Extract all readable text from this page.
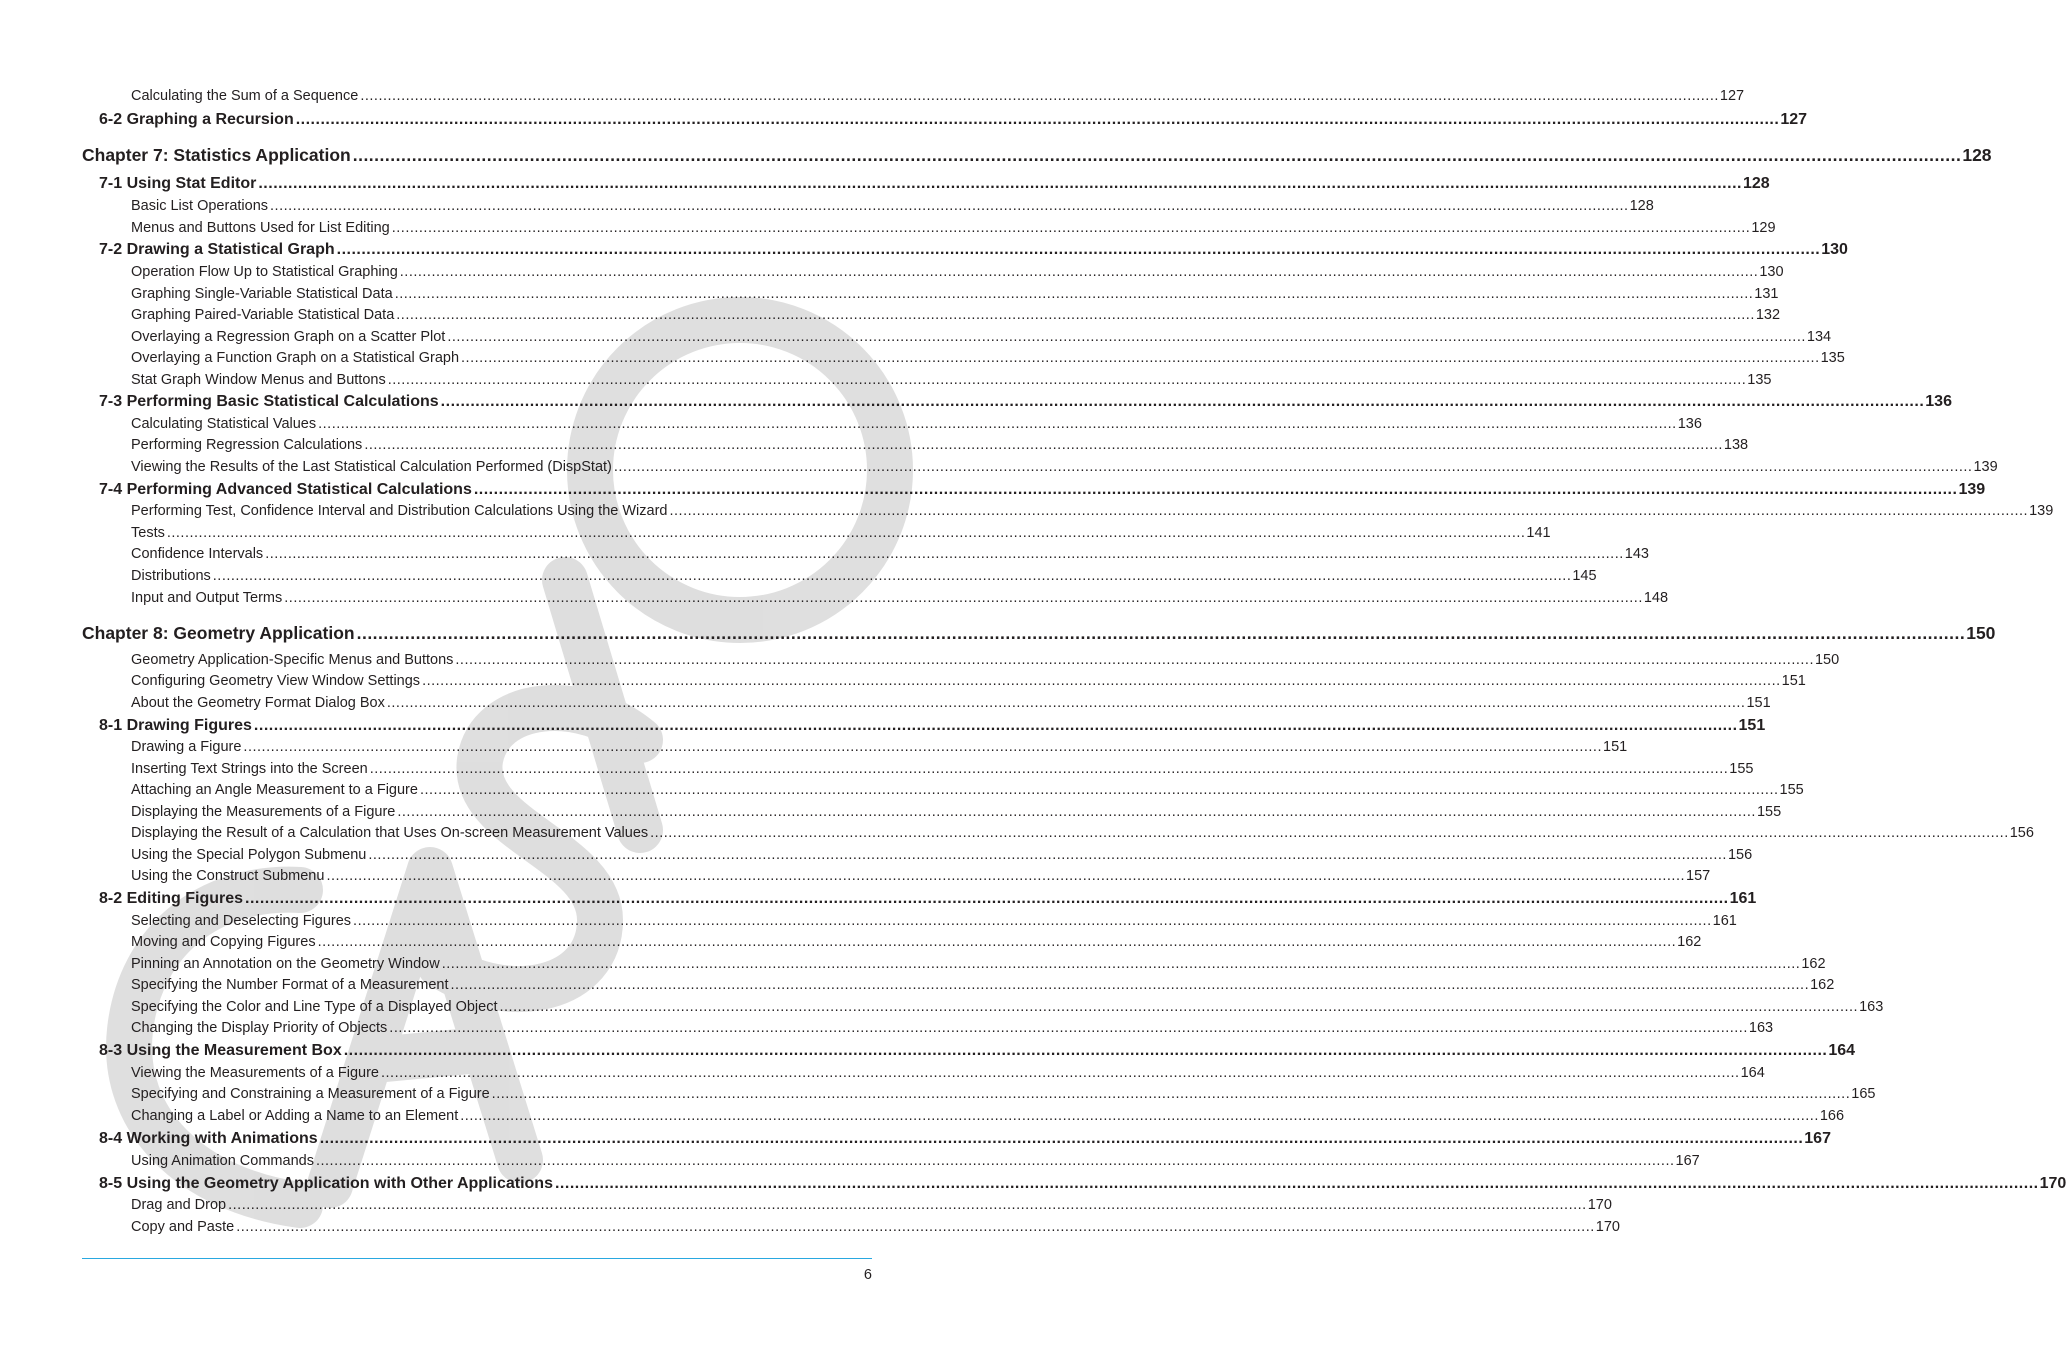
Calculating the Sum of a Sequence ............................................................................................................................................................................................................................................................................................................ 127
6-2 Graphing a Recursion ............................................................................................................................................................................................................................................................................................................ 127
Chapter 7: Statistics Application ............................................................................................................................................................................................................................................................................................................ 128
7-1 Using Stat Editor ............................................................................................................................................................................................................................................................................................................ 128
Basic List Operations ............................................................................................................................................................................................................................................................................................................ 128
Menus and Buttons Used for List Editing ............................................................................................................................................................................................................................................................................................................ 129
7-2 Drawing a Statistical Graph ............................................................................................................................................................................................................................................................................................................ 130
Operation Flow Up to Statistical Graphing ............................................................................................................................................................................................................................................................................................................ 130
Graphing Single-Variable Statistical Data ............................................................................................................................................................................................................................................................................................................ 131
Graphing Paired-Variable Statistical Data ............................................................................................................................................................................................................................................................................................................ 132
Overlaying a Regression Graph on a Scatter Plot ............................................................................................................................................................................................................................................................................................................ 134
Overlaying a Function Graph on a Statistical Graph ............................................................................................................................................................................................................................................................................................................ 135
Stat Graph Window Menus and Buttons ............................................................................................................................................................................................................................................................................................................ 135
7-3 Performing Basic Statistical Calculations ............................................................................................................................................................................................................................................................................................................ 136
Calculating Statistical Values ............................................................................................................................................................................................................................................................................................................ 136
Performing Regression Calculations ............................................................................................................................................................................................................................................................................................................ 138
Viewing the Results of the Last Statistical Calculation Performed (DispStat) ............................................................................................................................................................................................................................................................................................................ 139
7-4 Performing Advanced Statistical Calculations ............................................................................................................................................................................................................................................................................................................ 139
Performing Test, Confidence Interval and Distribution Calculations Using the Wizard ............................................................................................................................................................................................................................................................................................................ 139
Tests ............................................................................................................................................................................................................................................................................................................ 141
Confidence Intervals ............................................................................................................................................................................................................................................................................................................ 143
Distributions ............................................................................................................................................................................................................................................................................................................ 145
Input and Output Terms ............................................................................................................................................................................................................................................................................................................ 148
Chapter 8: Geometry Application ............................................................................................................................................................................................................................................................................................................ 150
Geometry Application-Specific Menus and Buttons ............................................................................................................................................................................................................................................................................................................ 150
Configuring Geometry View Window Settings ............................................................................................................................................................................................................................................................................................................ 151
About the Geometry Format Dialog Box ............................................................................................................................................................................................................................................................................................................ 151
8-1 Drawing Figures ............................................................................................................................................................................................................................................................................................................ 151
Drawing a Figure ............................................................................................................................................................................................................................................................................................................ 151
Inserting Text Strings into the Screen ............................................................................................................................................................................................................................................................................................................ 155
Attaching an Angle Measurement to a Figure ............................................................................................................................................................................................................................................................................................................ 155
Displaying the Measurements of a Figure ............................................................................................................................................................................................................................................................................................................ 155
Displaying the Result of a Calculation that Uses On-screen Measurement Values ............................................................................................................................................................................................................................................................................................................ 156
Using the Special Polygon Submenu ............................................................................................................................................................................................................................................................................................................ 156
Using the Construct Submenu ............................................................................................................................................................................................................................................................................................................ 157
8-2 Editing Figures ............................................................................................................................................................................................................................................................................................................ 161
Selecting and Deselecting Figures ............................................................................................................................................................................................................................................................................................................ 161
Moving and Copying Figures ............................................................................................................................................................................................................................................................................................................ 162
Pinning an Annotation on the Geometry Window ............................................................................................................................................................................................................................................................................................................ 162
Specifying the Number Format of a Measurement ............................................................................................................................................................................................................................................................................................................ 162
Specifying the Color and Line Type of a Displayed Object ............................................................................................................................................................................................................................................................................................................ 163
Changing the Display Priority of Objects ............................................................................................................................................................................................................................................................................................................ 163
8-3 Using the Measurement Box ............................................................................................................................................................................................................................................................................................................ 164
Viewing the Measurements of a Figure ............................................................................................................................................................................................................................................................................................................ 164
Specifying and Constraining a Measurement of a Figure ............................................................................................................................................................................................................................................................................................................ 165
Changing a Label or Adding a Name to an Element ............................................................................................................................................................................................................................................................................................................ 166
8-4 Working with Animations ............................................................................................................................................................................................................................................................................................................ 167
Using Animation Commands ............................................................................................................................................................................................................................................................................................................ 167
8-5 Using the Geometry Application with Other Applications ............................................................................................................................................................................................................................................................................................................ 170
Drag and Drop ............................................................................................................................................................................................................................................................................................................ 170
Copy and Paste ............................................................................................................................................................................................................................................................................................................ 170
6
